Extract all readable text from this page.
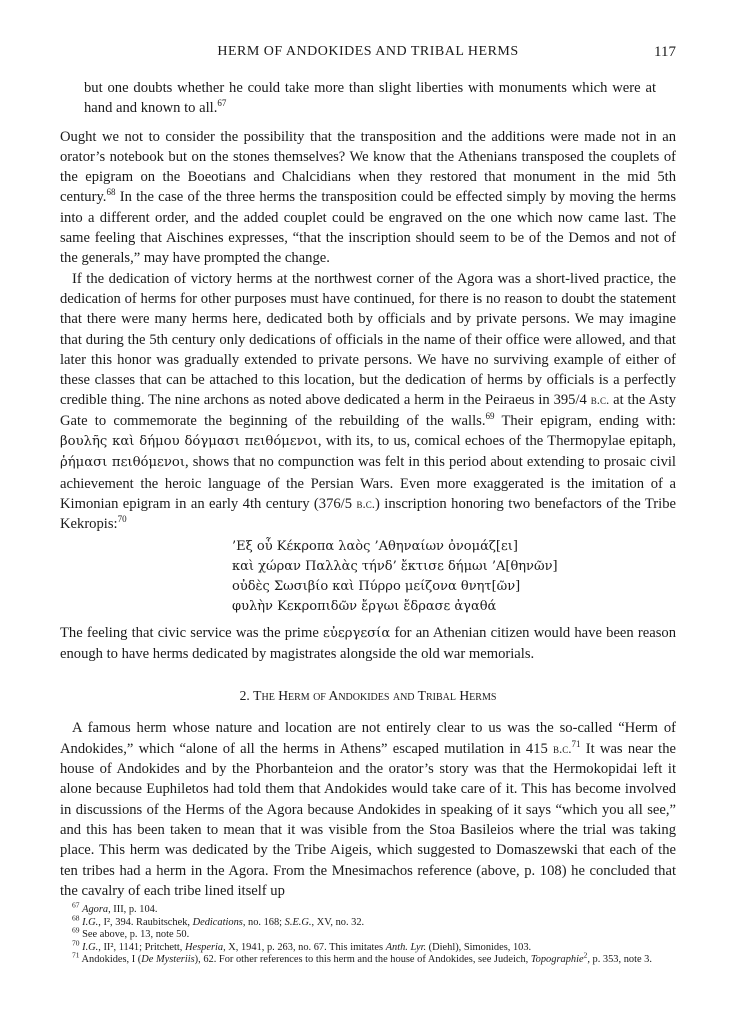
HERM OF ANDOKIDES AND TRIBAL HERMS	117

but one doubts whether he could take more than slight liberties with monuments which were at hand and known to all.$^{67}$

Ought we not to consider the possibility that the transposition and the additions were made not in an orator’s notebook but on the stones themselves? We know that the Athenians transposed the couplets of the epigram on the Boeotians and Chalcidians when they restored that monument in the mid 5th century.$^{68}$ In the case of the three herms the transposition could be effected simply by moving the herms into a different order, and the added couplet could be engraved on the one which now came last. The same feeling that Aischines expresses, “that the inscription should seem to be of the Demos and not of the generals,” may have prompted the change.

If the dedication of victory herms at the northwest corner of the Agora was a short-lived practice, the dedication of herms for other purposes must have continued, for there is no reason to doubt the statement that there were many herms here, dedicated both by officials and by private persons. We may imagine that during the 5th century only dedications of officials in the name of their office were allowed, and that later this honor was gradually extended to private persons. We have no surviving example of either of these classes that can be attached to this location, but the dedication of herms by officials is a perfectly credible thing. The nine archons as noted above dedicated a herm in the Peiraeus in 395/4 b.c. at the Asty Gate to commemorate the beginning of the rebuilding of the walls.$^{69}$ Their epigram, ending with: βουλῆς καὶ δήμου δόγμασι πειθόμενοι, with its, to us, comical echoes of the Thermopylae epitaph, ῥήμασι πειθόμενοι, shows that no compunction was felt in this period about extending to prosaic civil achievement the heroic language of the Persian Wars. Even more exaggerated is the imitation of a Kimonian epigram in an early 4th century (376/5 b.c.) inscription honoring two benefactors of the Tribe Kekropis:$^{70}$

’Εξ οὗ Κέκροπα λαὸς ’Αθηναίων ὀνομάζ[ει]
καὶ χώραν Παλλὰς τήνδ’ ἔκτισε δήμωι ’Α[θηνῶν]
οὐδὲς Σωσιβίο καὶ Πύρρο μείζονα θνητ[ῶν]
φυλὴν Κεκροπιδῶν ἔργωι ἔδρασε ἀγαθά

The feeling that civic service was the prime εὐεργεσία for an Athenian citizen would have been reason enough to have herms dedicated by magistrates alongside the old war memorials.

2. The Herm of Andokides and Tribal Herms

A famous herm whose nature and location are not entirely clear to us was the so-called “Herm of Andokides,” which “alone of all the herms in Athens” escaped mutilation in 415 b.c.$^{71}$ It was near the house of Andokides and by the Phorbanteion and the orator’s story was that the Hermokopidai left it alone because Euphiletos had told them that Andokides would take care of it. This has become involved in discussions of the Herms of the Agora because Andokides in speaking of it says “which you all see,” and this has been taken to mean that it was visible from the Stoa Basileios where the trial was taking place. This herm was dedicated by the Tribe Aigeis, which suggested to Domaszewski that each of the ten tribes had a herm in the Agora. From the Mnesimachos reference (above, p. 108) he concluded that the cavalry of each tribe lined itself up

$^{67}$ Agora, III, p. 104.
$^{68}$ I.G., I², 394. Raubitschek, Dedications, no. 168; S.E.G., XV, no. 32.
$^{69}$ See above, p. 13, note 50.
$^{70}$ I.G., II², 1141; Pritchett, Hesperia, X, 1941, p. 263, no. 67. This imitates Anth. Lyr. (Diehl), Simonides, 103.
$^{71}$ Andokides, I (De Mysteriis), 62. For other references to this herm and the house of Andokides, see Judeich, Topographie$^2$, p. 353, note 3.
